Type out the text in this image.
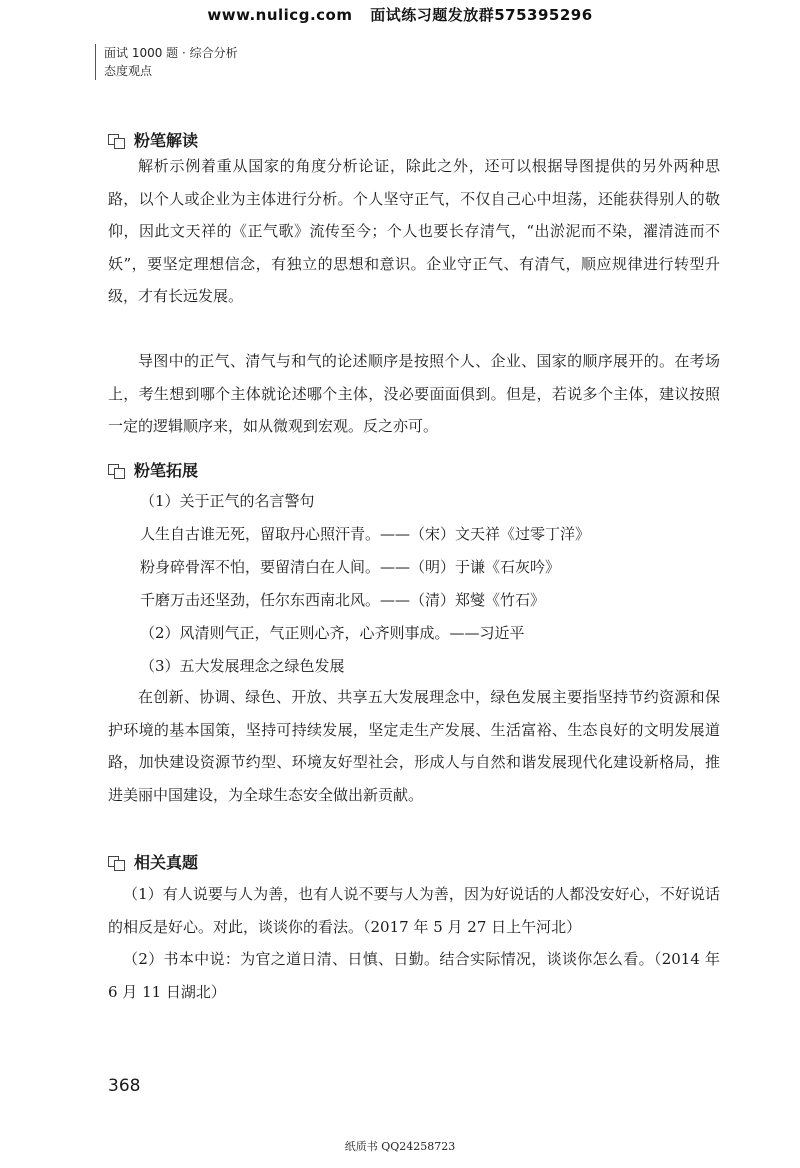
www.nulicg.com 面试练习题发放群575395296
面试 1000 题 · 综合分析
态度观点
粉笔解读
解析示例着重从国家的角度分析论证，除此之外，还可以根据导图提供的另外两种思路，以个人或企业为主体进行分析。个人坚守正气，不仅自己心中坦荡，还能获得别人的敬仰，因此文天祥的《正气歌》流传至今；个人也要长存清气，“出淤泥而不染，濯清涟而不妖”，要坚定理想信念，有独立的思想和意识。企业守正气、有清气，顺应规律进行转型升级，才有长远发展。
导图中的正气、清气与和气的论述顺序是按照个人、企业、国家的顺序展开的。在考场上，考生想到哪个主体就论述哪个主体，没必要面面俱到。但是，若说多个主体，建议按照一定的逻辑顺序来，如从微观到宏观。反之亦可。
粉笔拓展
（1）关于正气的名言警句
人生自古谁无死，留取丹心照汗青。——（宋）文天祥《过零丁洋》
粉身碎骨浑不怕，要留清白在人间。——（明）于谦《石灰吟》
千磨万击还坚劲，任尔东西南北风。——（清）郑燮《竹石》
（2）风清则气正，气正则心齐，心齐则事成。——习近平
（3）五大发展理念之绿色发展
在创新、协调、绿色、开放、共享五大发展理念中，绿色发展主要指坚持节约资源和保护环境的基本国策，坚持可持续发展，坚定走生产发展、生活富裕、生态良好的文明发展道路，加快建设资源节约型、环境友好型社会，形成人与自然和谐发展现代化建设新格局，推进美丽中国建设，为全球生态安全做出新贡献。
相关真题
（1）有人说要与人为善，也有人说不要与人为善，因为好说话的人都没安好心，不好说话的相反是好心。对此，谈谈你的看法。（2017 年 5 月 27 日上午河北）
（2）书本中说：为官之道日清、日慎、日勤。结合实际情况，谈谈你怎么看。（2014 年 6 月 11 日湖北）
368
纸质书 QQ24258723
